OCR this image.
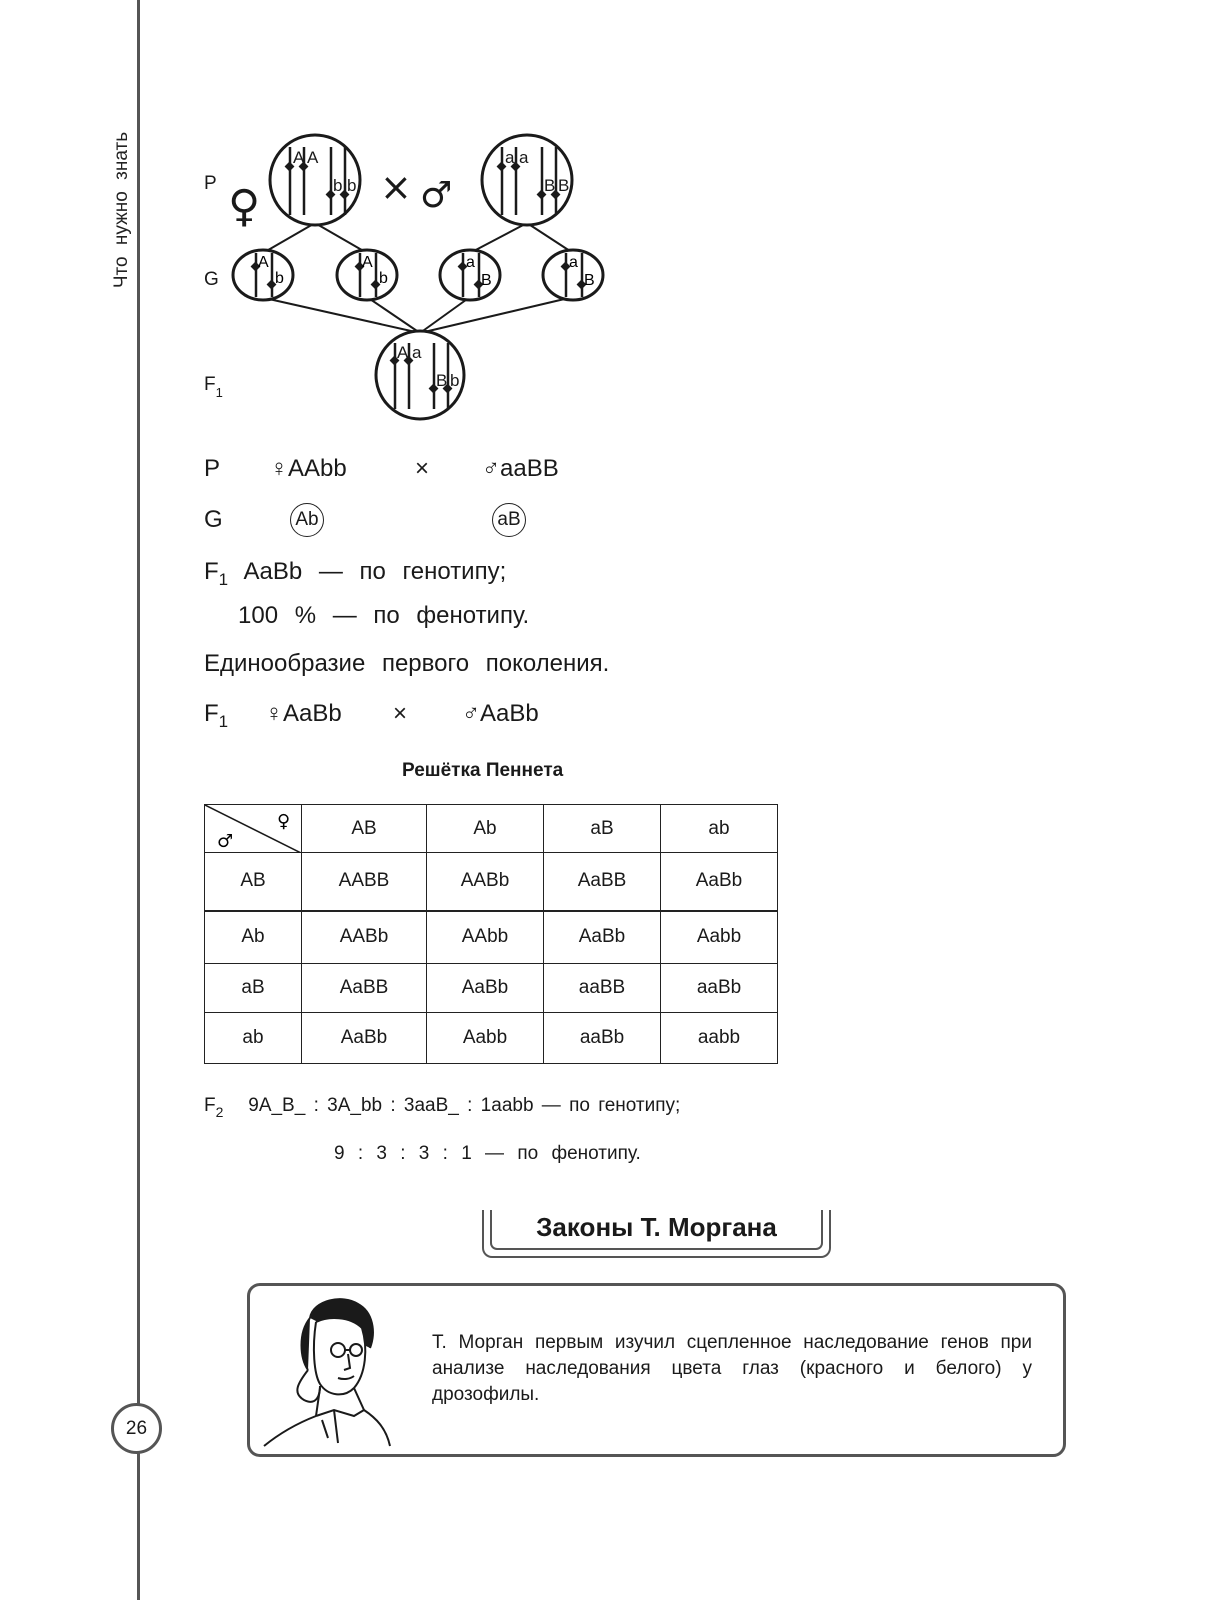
Что нужно знать
26
P
G
$F_1$
A A
b b
♀	× ♂
a a
B B
A
b
A
b
a
B
a
B
A a
B b
P ♀AAbb	× ♂aaBB
G	Ab	aB
$F_1$ AaBb — по генотипу;
100 % — по фенотипу.
Единообразие первого поколения.
$F_1$ ♀AaBb × ♂AaBb
Решётка Пеннета
♀
♂	AB	Ab	aB	ab
AB	AABB	AABb	AaBB	AaBb
Ab	AABb	AAbb	AaBb	Aabb
aB	AaBB	AaBb	aaBB	aaBb
ab	AaBb	Aabb	aaBb	aabb
$F_2$ 9A_B_ : 3A_bb : 3aaB_ : 1aabb — по генотипу;
9 : 3 : 3 : 1 — по фенотипу.
Законы Т. Моргана
Т. Морган первым изучил сцепленное наследование генов при анализе наследования цвета глаз (красного и белого) у дрозофилы.
